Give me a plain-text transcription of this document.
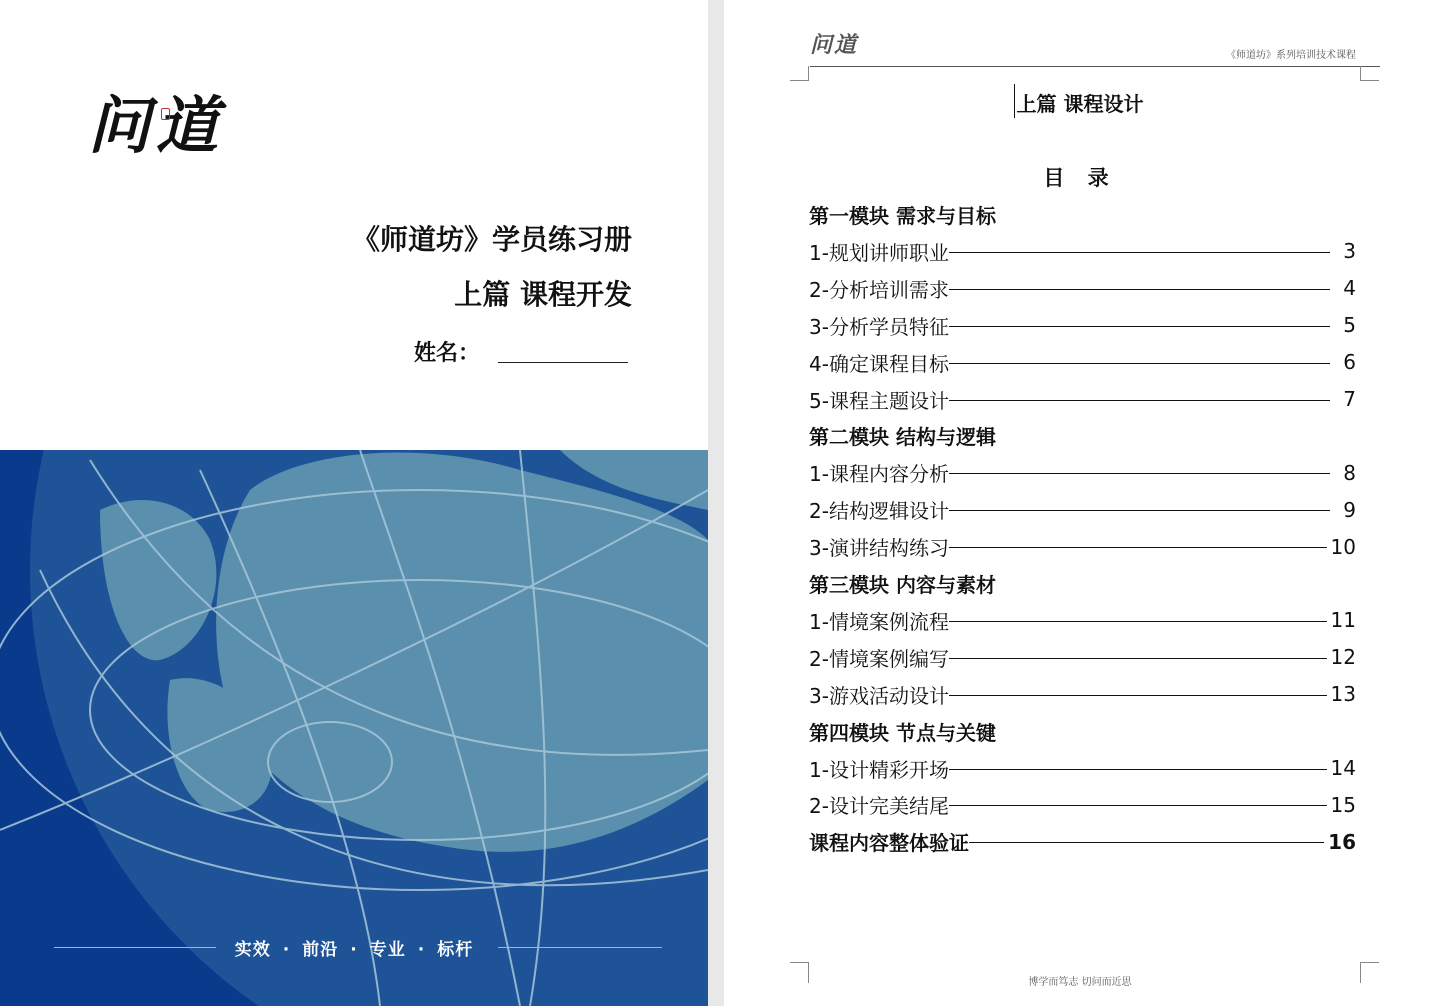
问道
《师道坊》学员练习册
上篇 课程开发
姓名：
实效 · 前沿 · 专业 · 标杆
问道	《师道坊》系列培训技术课程
上篇 课程设计
目 录
第一模块 需求与目标
1-规划讲师职业	3
2-分析培训需求	4
3-分析学员特征	5
4-确定课程目标	6
5-课程主题设计	7
第二模块 结构与逻辑
1-课程内容分析	8
2-结构逻辑设计	9
3-演讲结构练习	10
第三模块 内容与素材
1-情境案例流程	11
2-情境案例编写	12
3-游戏活动设计	13
第四模块 节点与关键
1-设计精彩开场	14
2-设计完美结尾	15
课程内容整体验证	16
博学而笃志 切问而近思
